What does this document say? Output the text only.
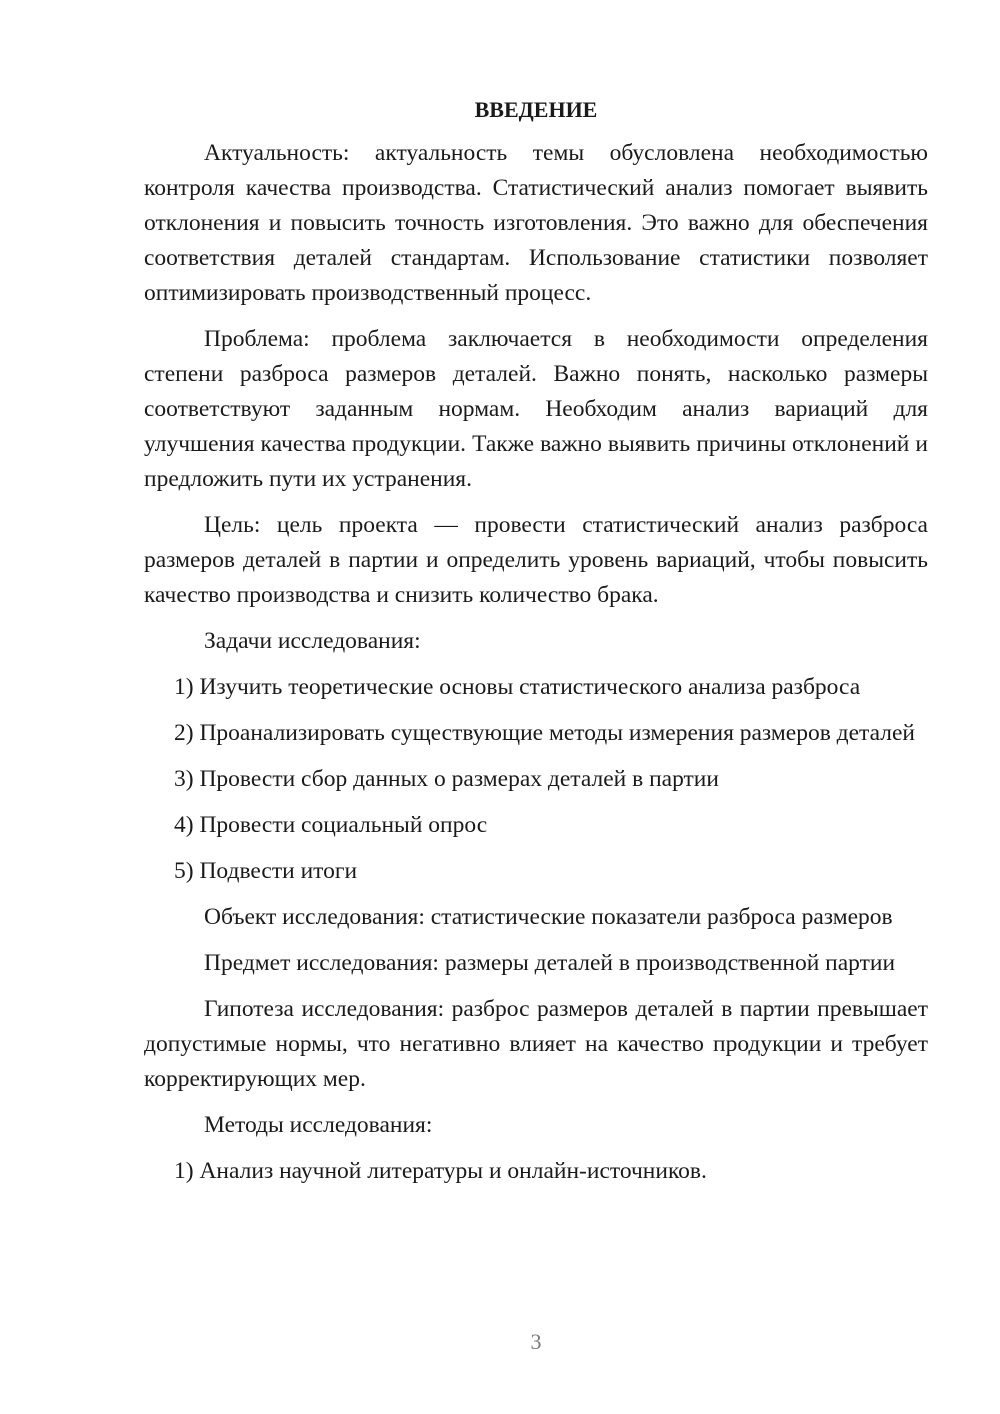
ВВЕДЕНИЕ

Актуальность: актуальность темы обусловлена необходимостью контроля качества производства. Статистический анализ помогает выявить отклонения и повысить точность изготовления. Это важно для обеспечения соответствия деталей стандартам. Использование статистики позволяет оптимизировать производственный процесс.

Проблема: проблема заключается в необходимости определения степени разброса размеров деталей. Важно понять, насколько размеры соответствуют заданным нормам. Необходим анализ вариаций для улучшения качества продукции. Также важно выявить причины отклонений и предложить пути их устранения.

Цель: цель проекта — провести статистический анализ разброса размеров деталей в партии и определить уровень вариаций, чтобы повысить качество производства и снизить количество брака.

Задачи исследования:

1) Изучить теоретические основы статистического анализа разброса

2) Проанализировать существующие методы измерения размеров деталей

3) Провести сбор данных о размерах деталей в партии

4) Провести социальный опрос

5) Подвести итоги

Объект исследования: статистические показатели разброса размеров

Предмет исследования: размеры деталей в производственной партии

Гипотеза исследования: разброс размеров деталей в партии превышает допустимые нормы, что негативно влияет на качество продукции и требует корректирующих мер.

Методы исследования:

1) Анализ научной литературы и онлайн-источников.

3
